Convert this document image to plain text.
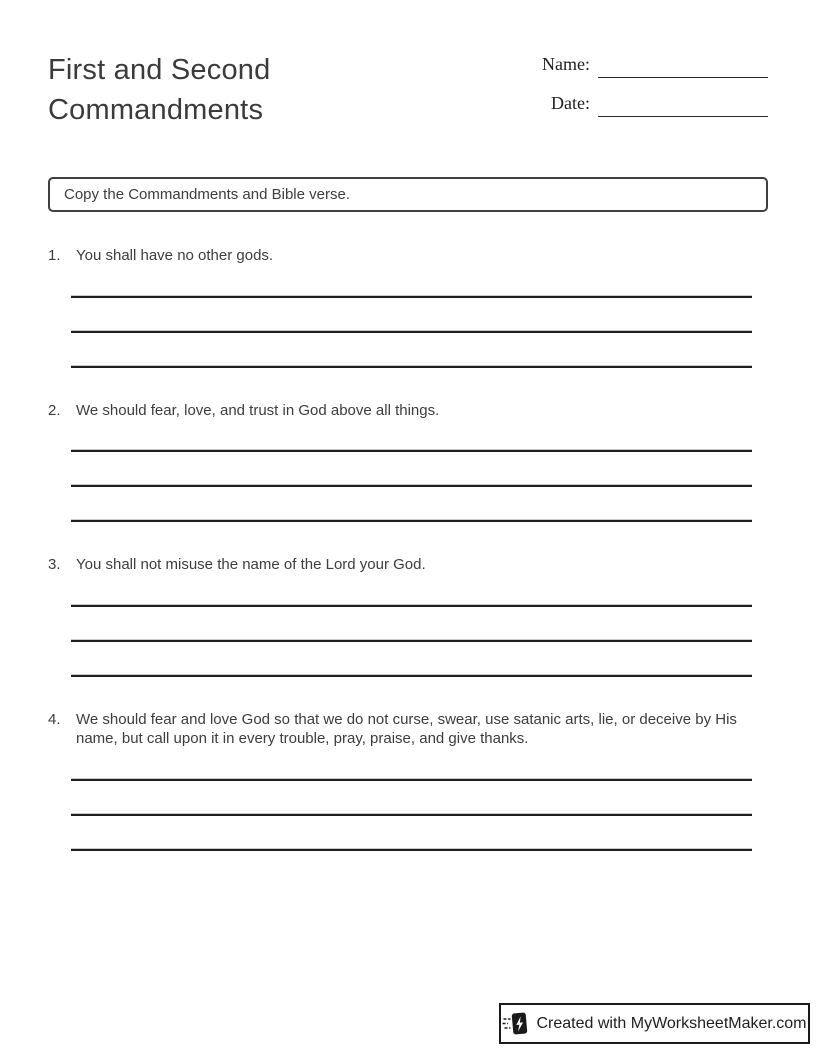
First and Second Commandments
Name:
Date:
Copy the Commandments and Bible verse.
1.	You shall have no other gods.
2.	We should fear, love, and trust in God above all things.
3.	You shall not misuse the name of the Lord your God.
4.	We should fear and love God so that we do not curse, swear, use satanic arts, lie, or deceive by His name, but call upon it in every trouble, pray, praise, and give thanks.
Created with MyWorksheetMaker.com
